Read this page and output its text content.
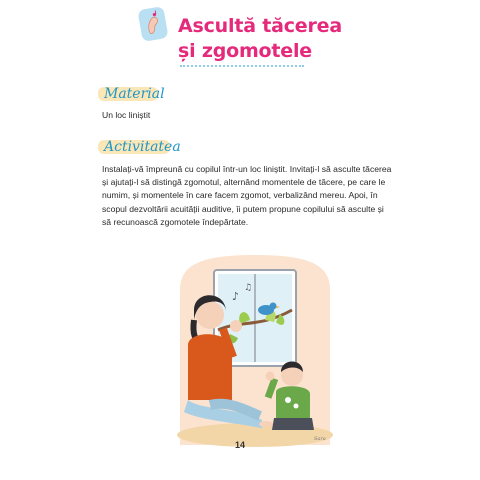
Ascultă tăcerea
și zgomotele
Material
Un loc liniștit
Activitatea
Instalați-vă împreună cu copilul într-un loc liniștit. Invitați-l să asculte tăcerea și ajutați-l să distingă zgomotul, alternând momentele de tăcere, pe care le numim, și momentele în care facem zgomot, verbalizând mereu. Apoi, în scopul dezvoltării acuității auditive, îi putem propune copilului să asculte și să recunoască zgomotele îndepărtate.
♪
♫
Sara
14
